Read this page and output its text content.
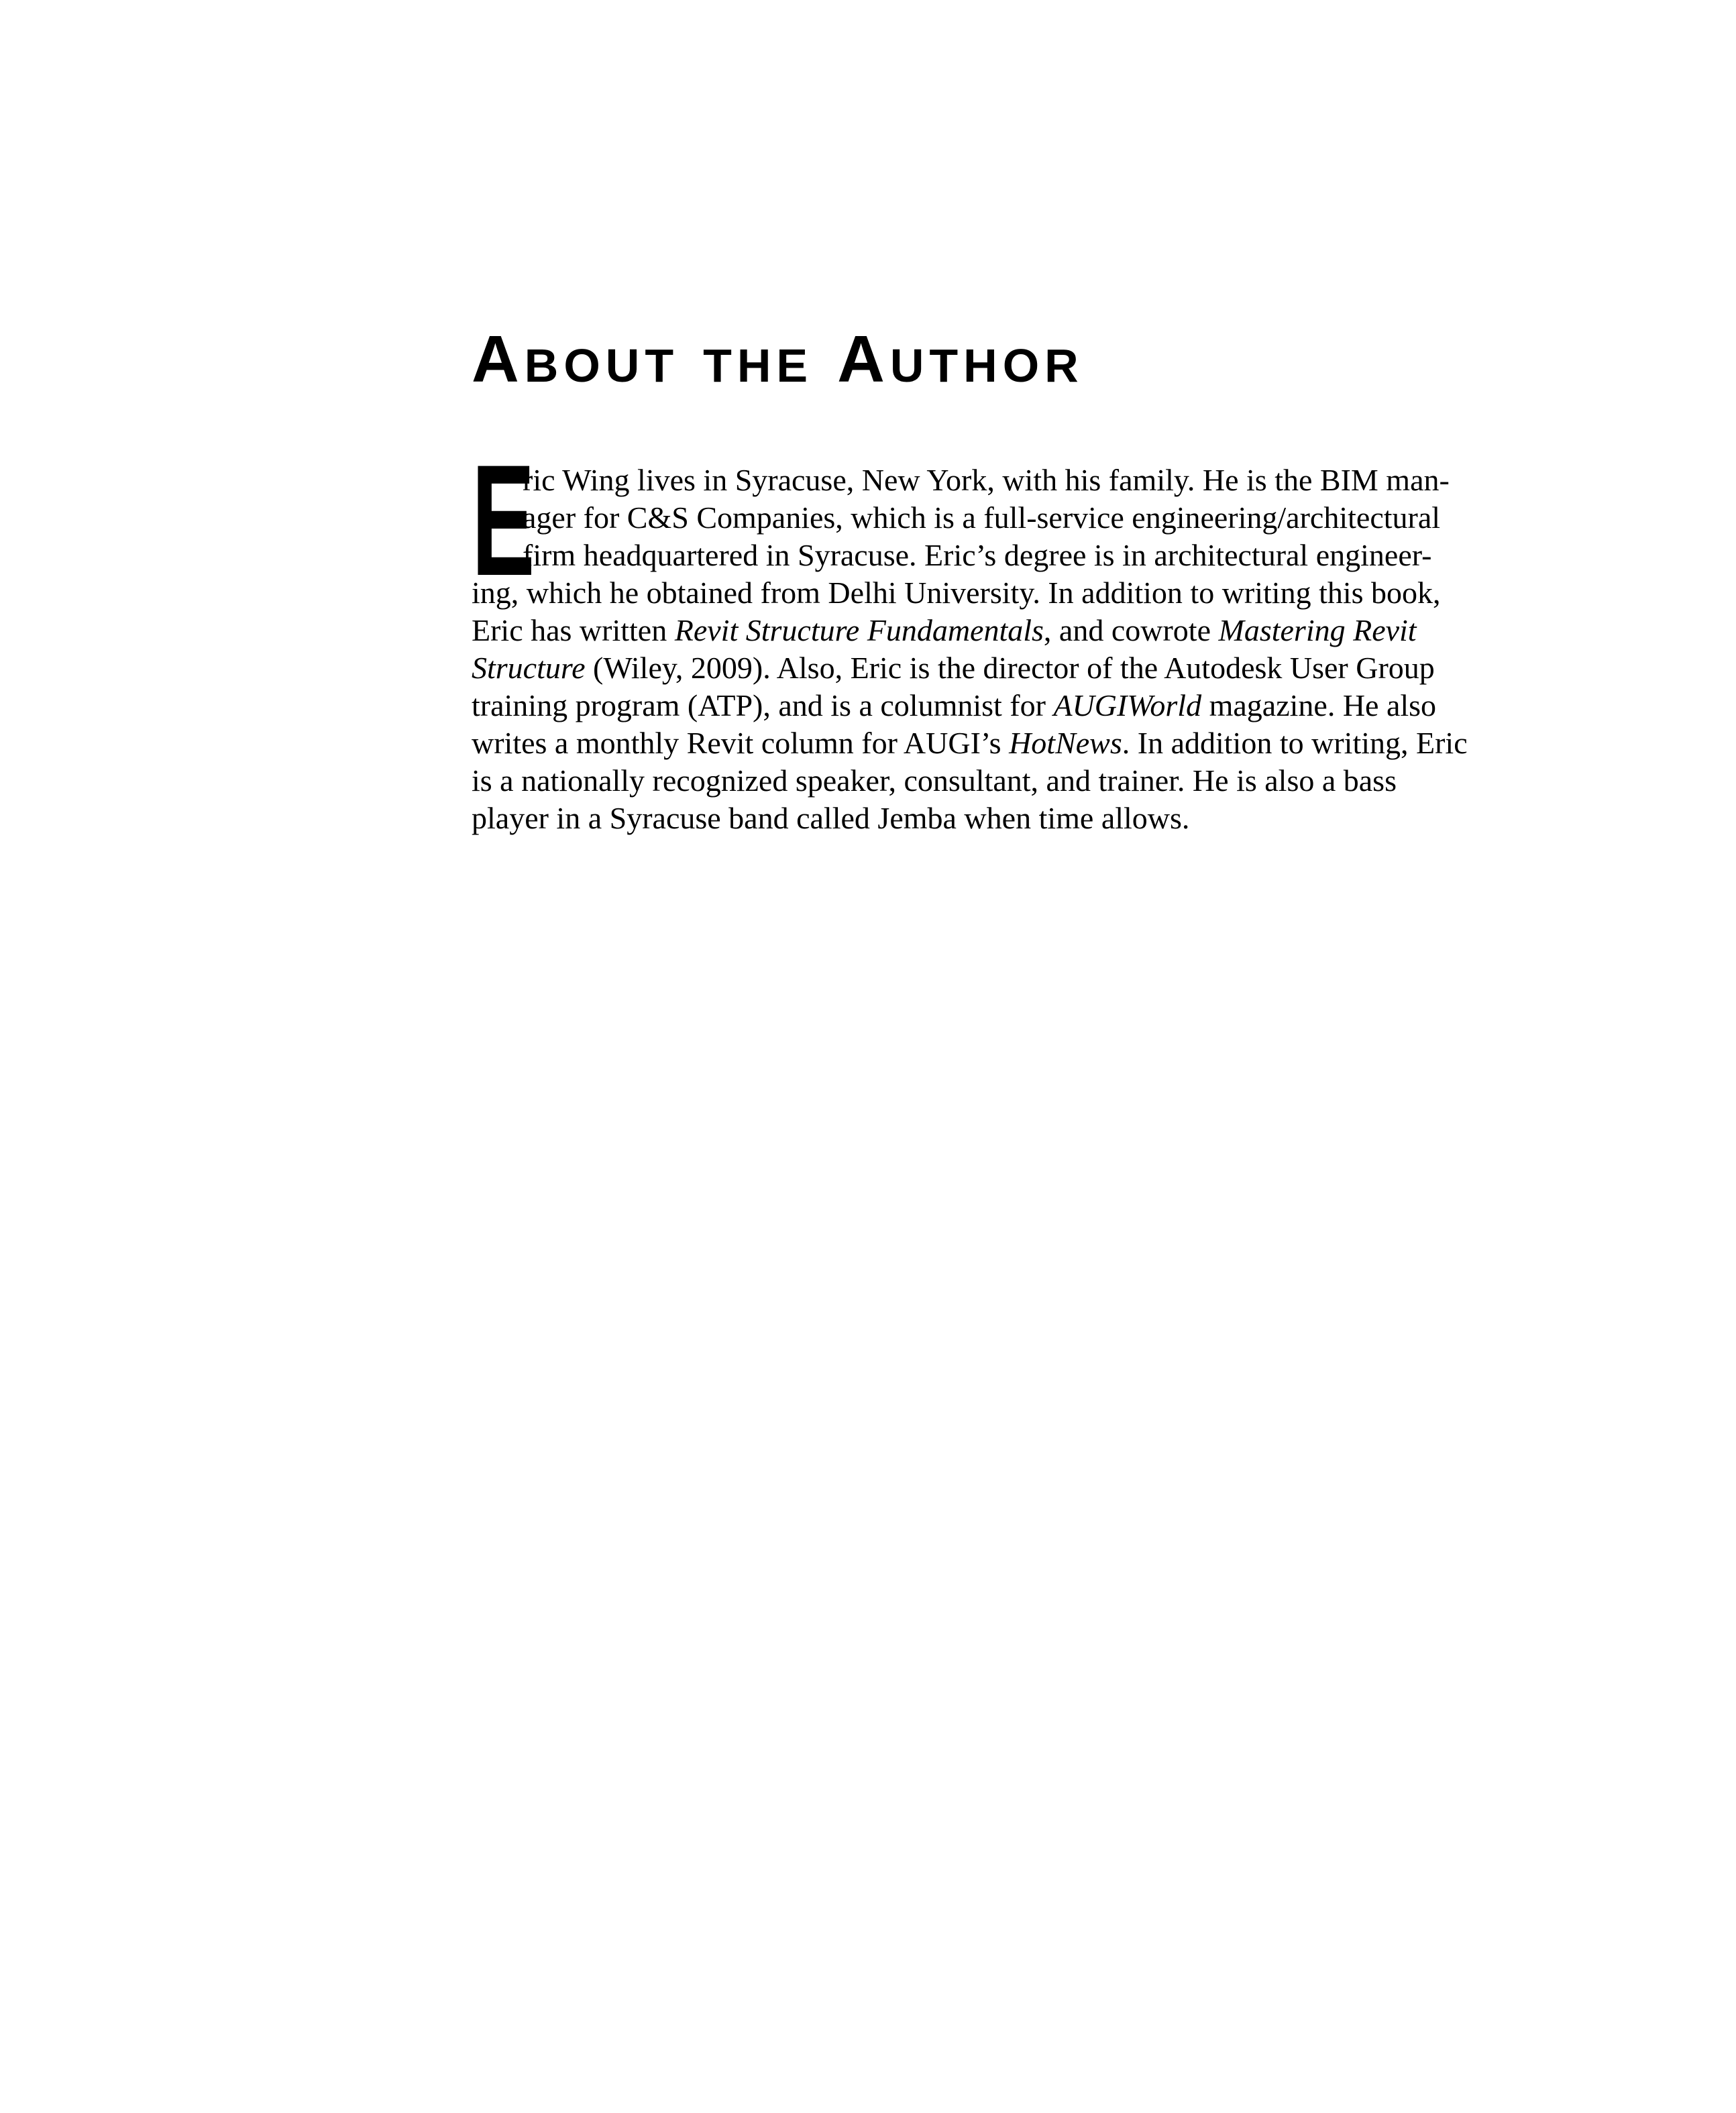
ABOUT THE AUTHOR
E
ric Wing lives in Syracuse, New York, with his family. He is the BIM man-
ager for C&S Companies, which is a full-service engineering/architectural
firm headquartered in Syracuse. Eric’s degree is in architectural engineer-
ing, which he obtained from Delhi University. In addition to writing this book,
Eric has written Revit Structure Fundamentals, and cowrote Mastering Revit
Structure (Wiley, 2009). Also, Eric is the director of the Autodesk User Group
training program (ATP), and is a columnist for AUGIWorld magazine. He also
writes a monthly Revit column for AUGI’s HotNews. In addition to writing, Eric
is a nationally recognized speaker, consultant, and trainer. He is also a bass
player in a Syracuse band called Jemba when time allows.
